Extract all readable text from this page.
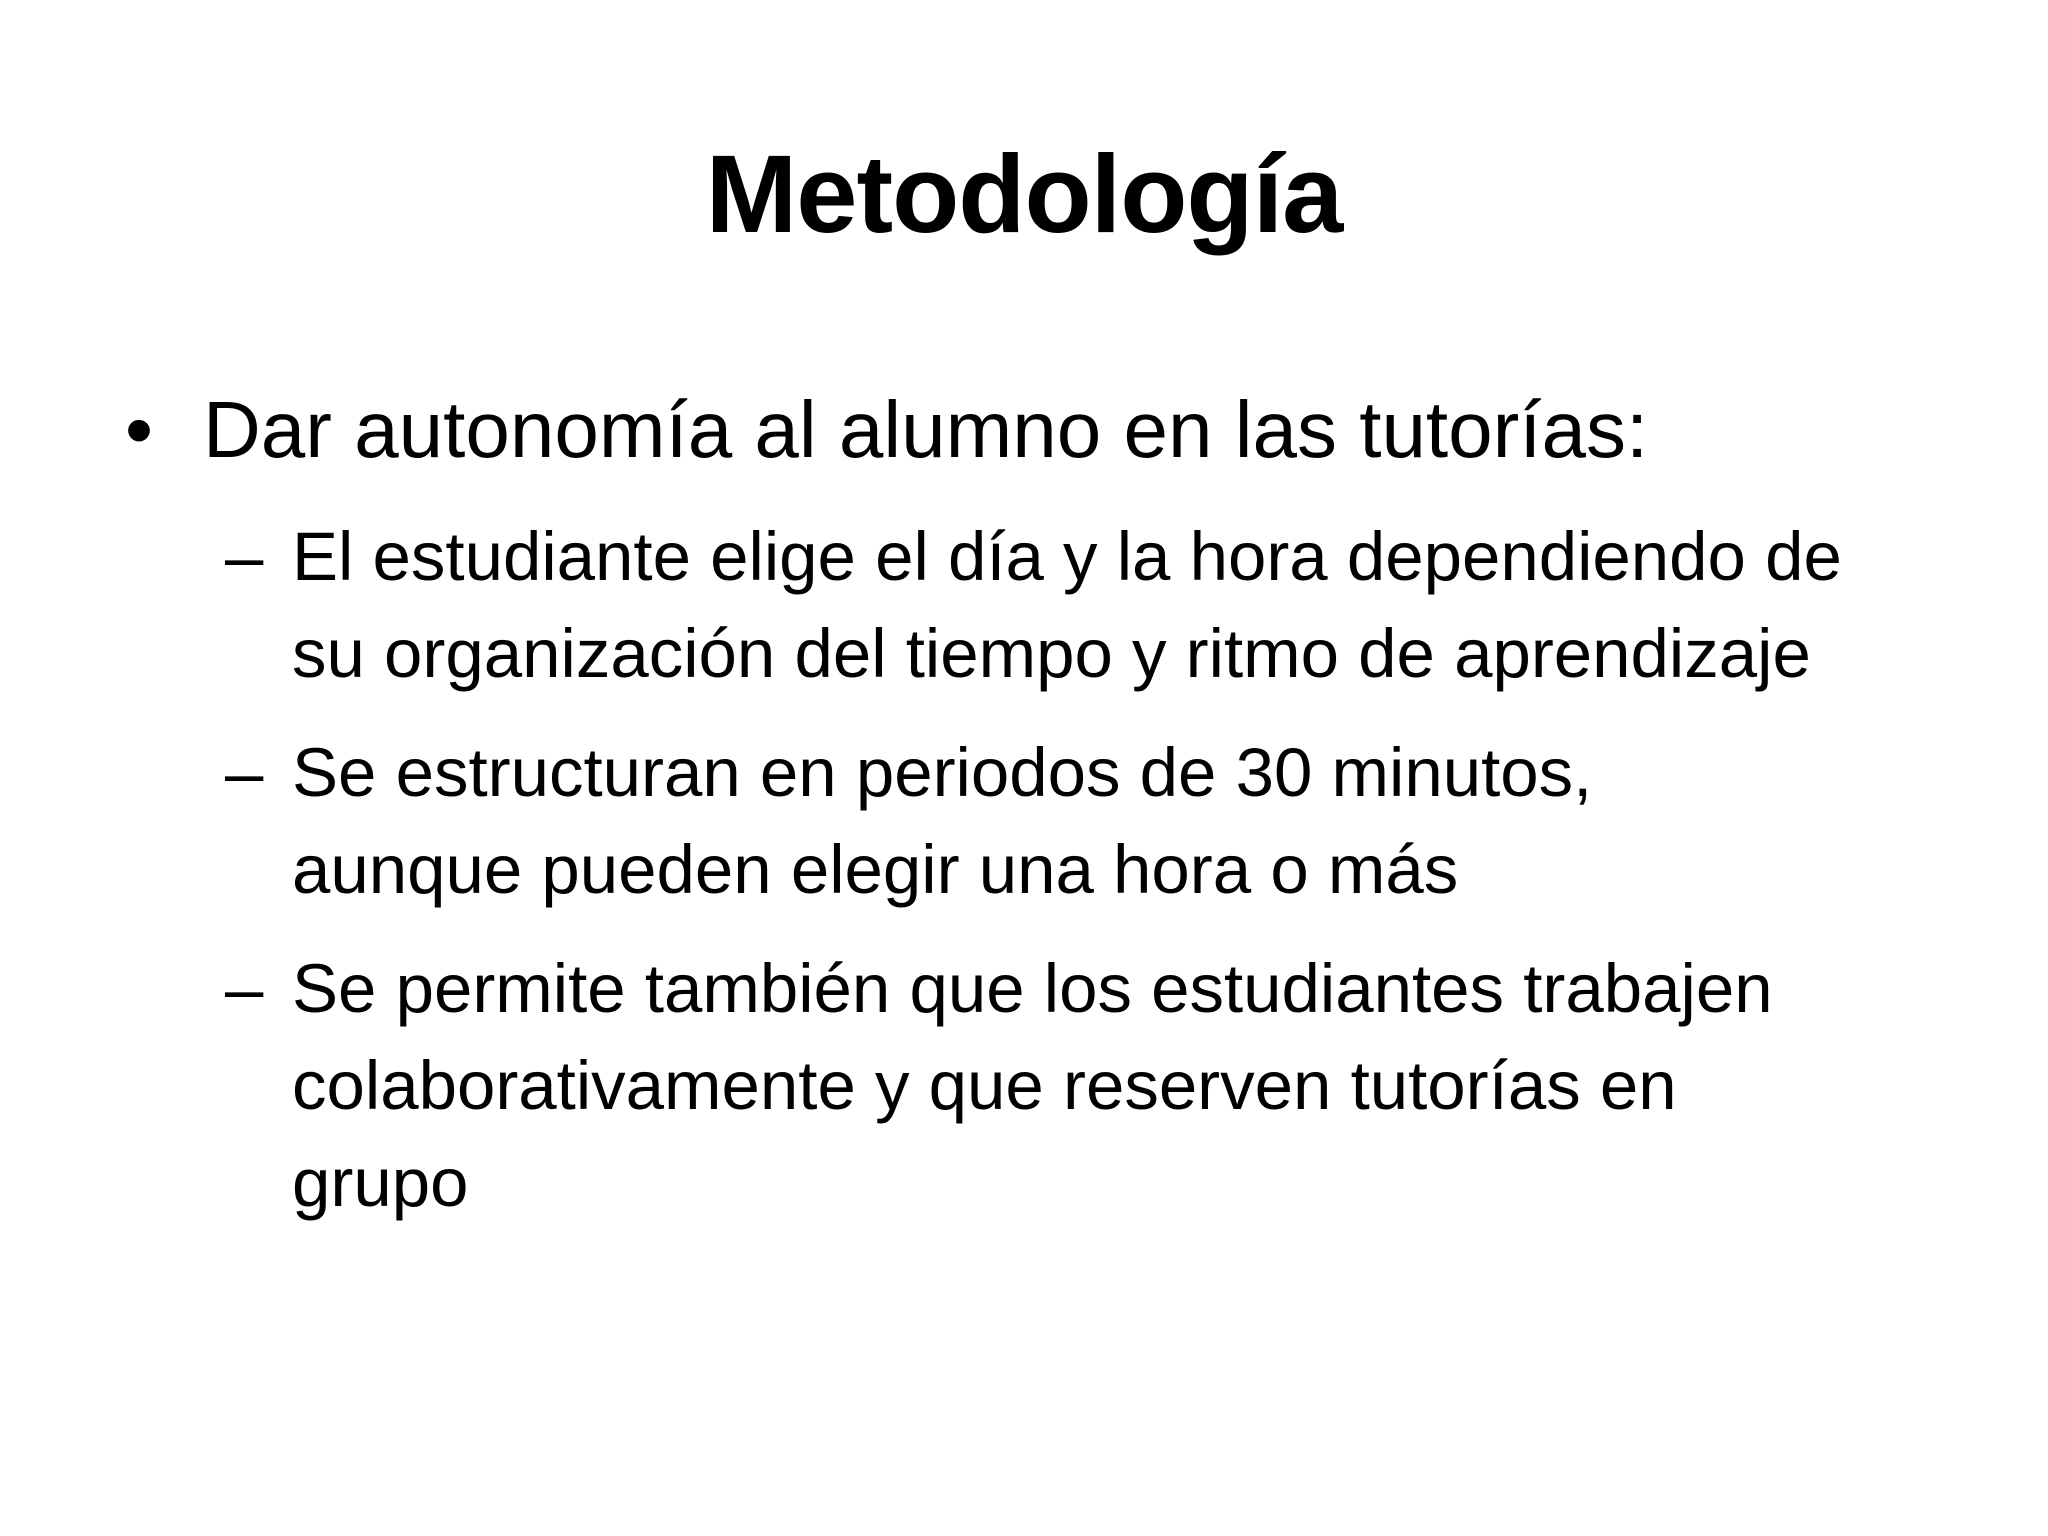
Metodología
• Dar autonomía al alumno en las tutorías:
– El estudiante elige el día y la hora dependiendo de
su organización del tiempo y ritmo de aprendizaje
– Se estructuran en periodos de 30 minutos,
aunque pueden elegir una hora o más
– Se permite también que los estudiantes trabajen
colaborativamente y que reserven tutorías en
grupo
